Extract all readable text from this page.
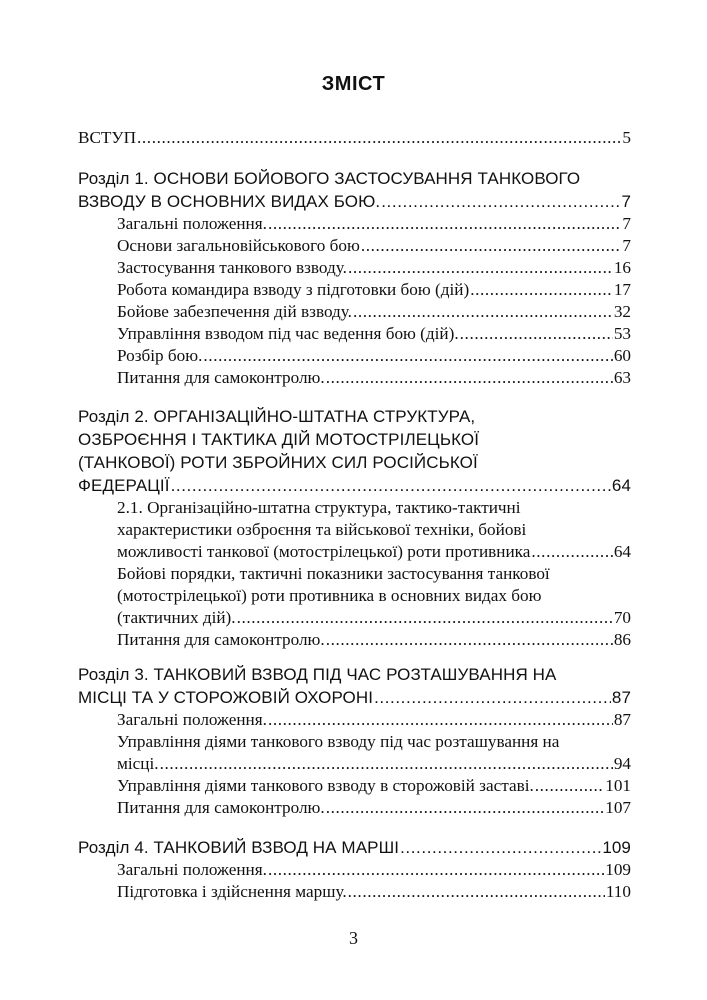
ЗМІСТ
ВСТУП .....	5
Розділ 1. ОСНОВИ БОЙОВОГО ЗАСТОСУВАННЯ ТАНКОВОГО
ВЗВОДУ В ОСНОВНИХ ВИДАХ БОЮ. .....	7
Загальні положення. .....	7
Основи загальновійськового бою .....	7
Застосування танкового взводу. .....	16
Робота командира взводу з підготовки бою (дій) .....	17
Бойове забезпечення дій взводу. .....	32
Управління взводом під час ведення бою (дій). .....	53
Розбір бою. .....	60
Питання для самоконтролю. .....	63
Розділ 2. ОРГАНІЗАЦІЙНО-ШТАТНА СТРУКТУРА,
ОЗБРОЄННЯ І ТАКТИКА ДІЙ МОТОСТРІЛЕЦЬКОЇ
(ТАНКОВОЇ) РОТИ ЗБРОЙНИХ СИЛ РОСІЙСЬКОЇ
ФЕДЕРАЦІЇ .....	64
2.1. Організаційно-штатна структура, тактико-тактичні
характеристики озброєння та військової техніки, бойові
можливості танкової (мотострілецької) роти противника .....	64
Бойові порядки, тактичні показники застосування танкової
(мотострілецької) роти противника в основних видах бою
(тактичних дій). .....	70
Питання для самоконтролю. .....	86
Розділ 3. ТАНКОВИЙ ВЗВОД ПІД ЧАС РОЗТАШУВАННЯ НА
МІСЦІ ТА У СТОРОЖОВІЙ ОХОРОНІ .....	87
Загальні положення. .....	87
Управління діями танкового взводу під час розташування на
місці. .....	94
Управління діями танкового взводу в сторожовій заставі. .....	101
Питання для самоконтролю. .....	107
Розділ 4. ТАНКОВИЙ ВЗВОД НА МАРШІ .....	109
Загальні положення. .....	109
Підготовка і здійснення маршу. .....	110
3
